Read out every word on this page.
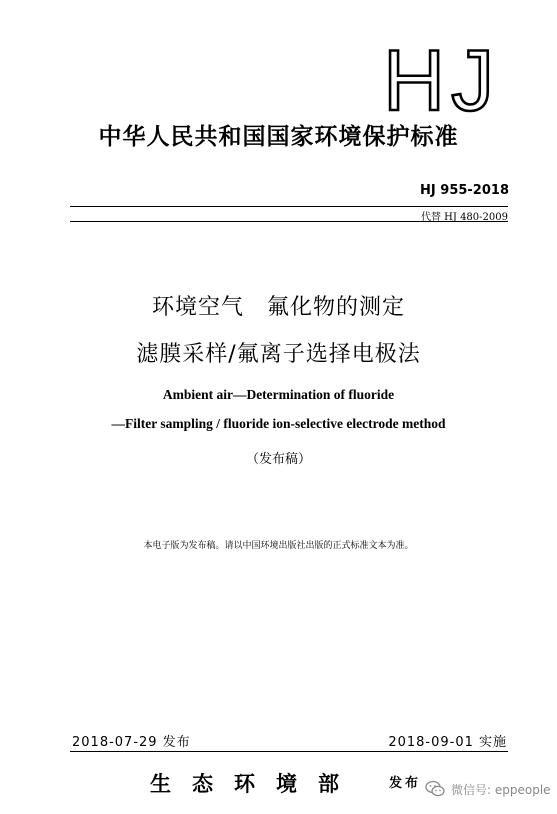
HJ
中华人民共和国国家环境保护标准
HJ 955-2018
代替 HJ 480-2009
环境空气　氟化物的测定
滤膜采样/氟离子选择电极法
Ambient air—Determination of fluoride
—Filter sampling / fluoride ion-selective electrode method
（发布稿）
本电子版为发布稿。请以中国环境出版社出版的正式标准文本为准。
2018-07-29 发布	2018-09-01 实施
生态环境部 发布 微信号: eppeople
